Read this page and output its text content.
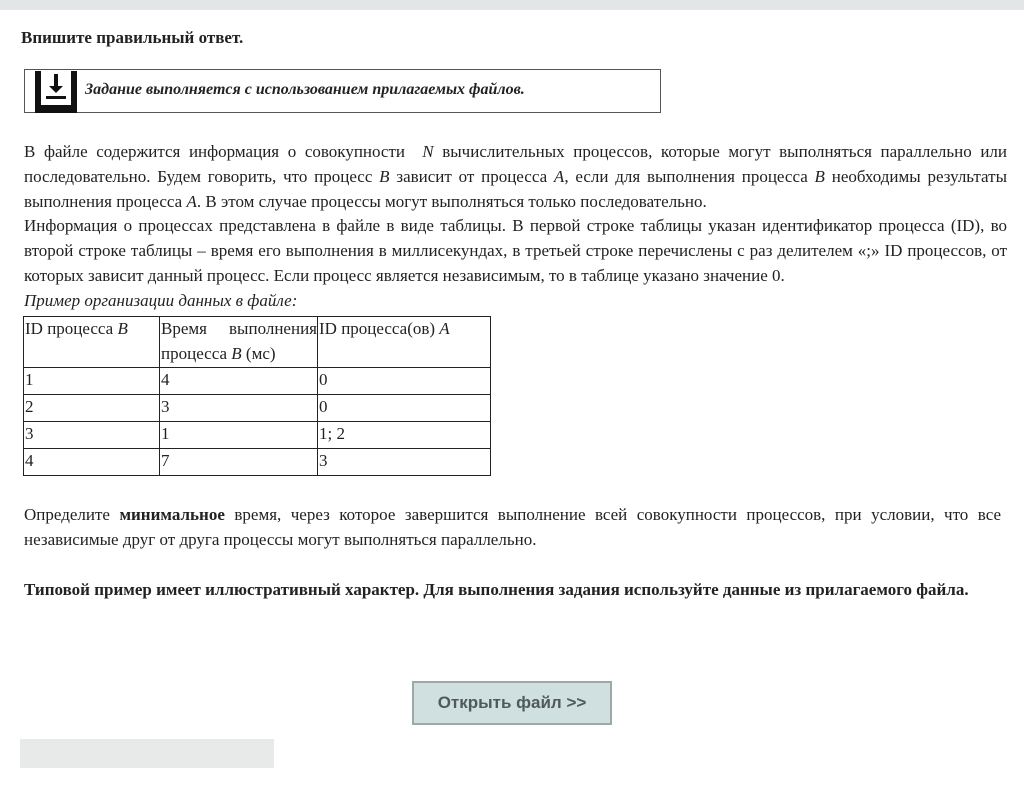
Впишите правильный ответ.
Задание выполняется с использованием прилагаемых файлов.

В файле содержится информация о совокупности N вычислительных процессов, которые могут выполняться параллельно или последовательно. Будем говорить, что процесс B зависит от процесса A, если для выполнения процесса B необходимы результаты выполнения процесса A. В этом случае процессы могут выполняться только последовательно.

Информация о процессах представлена в файле в виде таблицы. В первой строке таблицы указан идентификатор процесса (ID), во второй строке таблицы – время его выполнения в миллисекундах, в третьей строке перечислены с раз делителем «;» ID процессов, от которых зависит данный процесс. Если процесс является независимым, то в таблице указано значение 0.

Пример организации данных в файле:

ID процесса B	Время выполнения процесса B (мс)	ID процесса(ов) A
1	4	0
2	3	0
3	1	1; 2
4	7	3

Определите минимальное время, через которое завершится выполнение всей совокупности процессов, при условии, что все независимые друг от друга процессы могут выполняться параллельно.

Типовой пример имеет иллюстративный характер. Для выполнения задания используйте данные из прилагаемого файла.

Открыть файл >>
